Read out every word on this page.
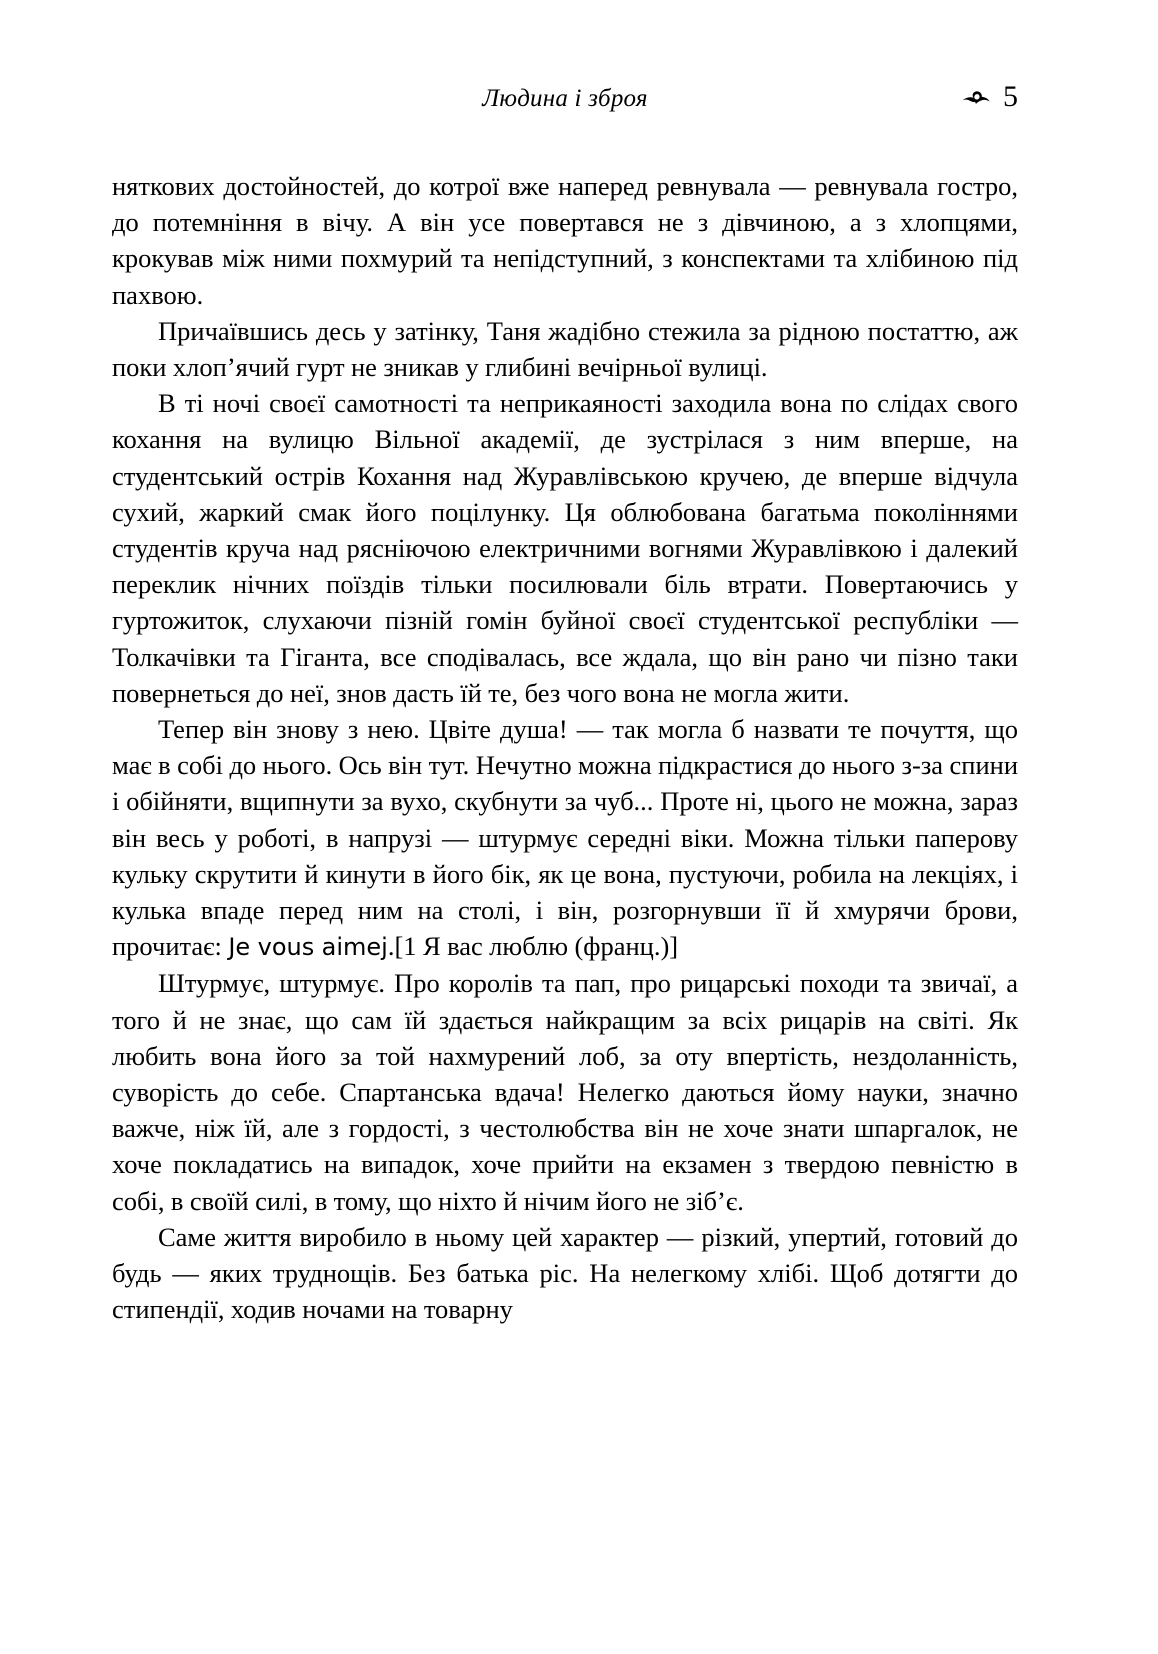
Людина і зброя	5

няткових достойностей, до котрої вже наперед ревнувала — ревнувала гостро, до потемніння в вічу. А він усе повертався не з дівчиною, а з хлопцями, крокував між ними похмурий та непідступний, з конспектами та хлібиною під пахвою.

Причаївшись десь у затінку, Таня жадібно стежила за рідною постаттю, аж поки хлоп’ячий гурт не зникав у глибині вечірньої вулиці.

В ті ночі своєї самотності та неприкаяності заходила вона по слідах свого кохання на вулицю Вільної академії, де зустрілася з ним вперше, на студентський острів Кохання над Журавлівською кручею, де вперше відчула сухий, жаркий смак його поцілунку. Ця облюбована багатьма поколіннями студентів круча над рясніючою електричними вогнями Журавлівкою і далекий переклик нічних поїздів тільки посилювали біль втрати. Повертаючись у гуртожиток, слухаючи пізній гомін буйної своєї студентської республіки — Толкачівки та Гіганта, все сподівалась, все ждала, що він рано чи пізно таки повернеться до неї, знов дасть їй те, без чого вона не могла жити.

Тепер він знову з нею. Цвіте душа! — так могла б назвати те почуття, що має в собі до нього. Ось він тут. Нечутно можна підкрастися до нього з-за спини і обійняти, вщипнути за вухо, скубнути за чуб... Проте ні, цього не можна, зараз він весь у роботі, в напрузі — штурмує середні віки. Можна тільки паперову кульку скрутити й кинути в його бік, як це вона, пустуючи, робила на лекціях, і кулька впаде перед ним на столі, і він, розгорнувши її й хмурячи брови, прочитає: Je vous aimej.[1 Я вас люблю (франц.)]

Штурмує, штурмує. Про королів та пап, про рицарські походи та звичаї, а того й не знає, що сам їй здається найкращим за всіх рицарів на світі. Як любить вона його за той нахмурений лоб, за оту впертість, нездоланність, суворість до себе. Спартанська вдача! Нелегко даються йому науки, значно важче, ніж їй, але з гордості, з честолюбства він не хоче знати шпаргалок, не хоче покладатись на випадок, хоче прийти на екзамен з твердою певністю в собі, в своїй силі, в тому, що ніхто й нічим його не зіб’є.

Саме життя виробило в ньому цей характер — різкий, упертий, готовий до будь — яких труднощів. Без батька ріс. На нелегкому хлібі. Щоб дотягти до стипендії, ходив ночами на товарну
